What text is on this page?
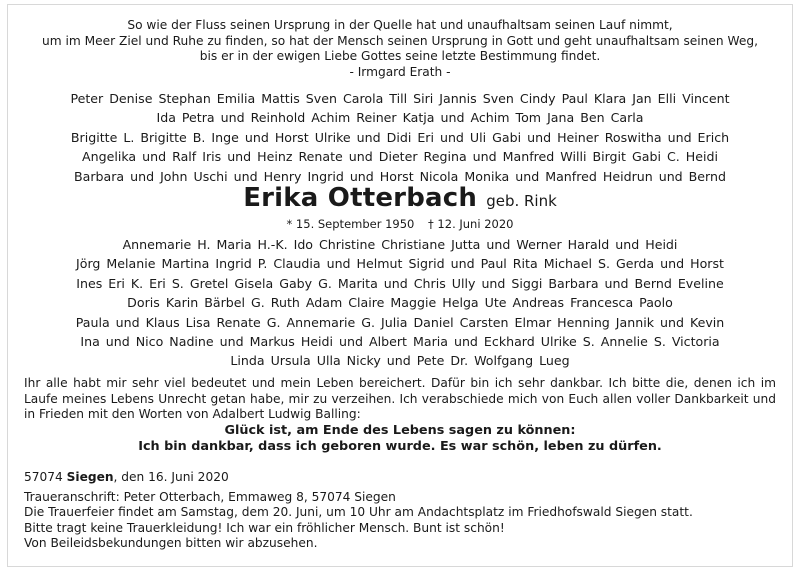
So wie der Fluss seinen Ursprung in der Quelle hat und unaufhaltsam seinen Lauf nimmt,
um im Meer Ziel und Ruhe zu finden, so hat der Mensch seinen Ursprung in Gott und geht unaufhaltsam seinen Weg,
bis er in der ewigen Liebe Gottes seine letzte Bestimmung findet.
- Irmgard Erath -
Peter Denise Stephan Emilia Mattis Sven Carola Till Siri Jannis Sven Cindy Paul Klara Jan Elli Vincent
Ida Petra und Reinhold Achim Reiner Katja und Achim Tom Jana Ben Carla
Brigitte L. Brigitte B. Inge und Horst Ulrike und Didi Eri und Uli Gabi und Heiner Roswitha und Erich
Angelika und Ralf Iris und Heinz Renate und Dieter Regina und Manfred Willi Birgit Gabi C. Heidi
Barbara und John Uschi und Henry Ingrid und Horst Nicola Monika und Manfred Heidrun und Bernd
Erika Otterbach geb. Rink
* 15. September 1950 † 12. Juni 2020
Annemarie H. Maria H.-K. Ido Christine Christiane Jutta und Werner Harald und Heidi
Jörg Melanie Martina Ingrid P. Claudia und Helmut Sigrid und Paul Rita Michael S. Gerda und Horst
Ines Eri K. Eri S. Gretel Gisela Gaby G. Marita und Chris Ully und Siggi Barbara und Bernd Eveline
Doris Karin Bärbel G. Ruth Adam Claire Maggie Helga Ute Andreas Francesca Paolo
Paula und Klaus Lisa Renate G. Annemarie G. Julia Daniel Carsten Elmar Henning Jannik und Kevin
Ina und Nico Nadine und Markus Heidi und Albert Maria und Eckhard Ulrike S. Annelie S. Victoria
Linda Ursula Ulla Nicky und Pete Dr. Wolfgang Lueg
Ihr alle habt mir sehr viel bedeutet und mein Leben bereichert. Dafür bin ich sehr dankbar. Ich bitte die, denen ich im Laufe meines Lebens Unrecht getan habe, mir zu verzeihen. Ich verabschiede mich von Euch allen voller Dankbarkeit und in Frieden mit den Worten von Adalbert Ludwig Balling:
Glück ist, am Ende des Lebens sagen zu können:
Ich bin dankbar, dass ich geboren wurde. Es war schön, leben zu dürfen.
57074 Siegen, den 16. Juni 2020
Traueranschrift: Peter Otterbach, Emmaweg 8, 57074 Siegen
Die Trauerfeier findet am Samstag, dem 20. Juni, um 10 Uhr am Andachtsplatz im Friedhofswald Siegen statt.
Bitte tragt keine Trauerkleidung! Ich war ein fröhlicher Mensch. Bunt ist schön!
Von Beileidsbekundungen bitten wir abzusehen.
